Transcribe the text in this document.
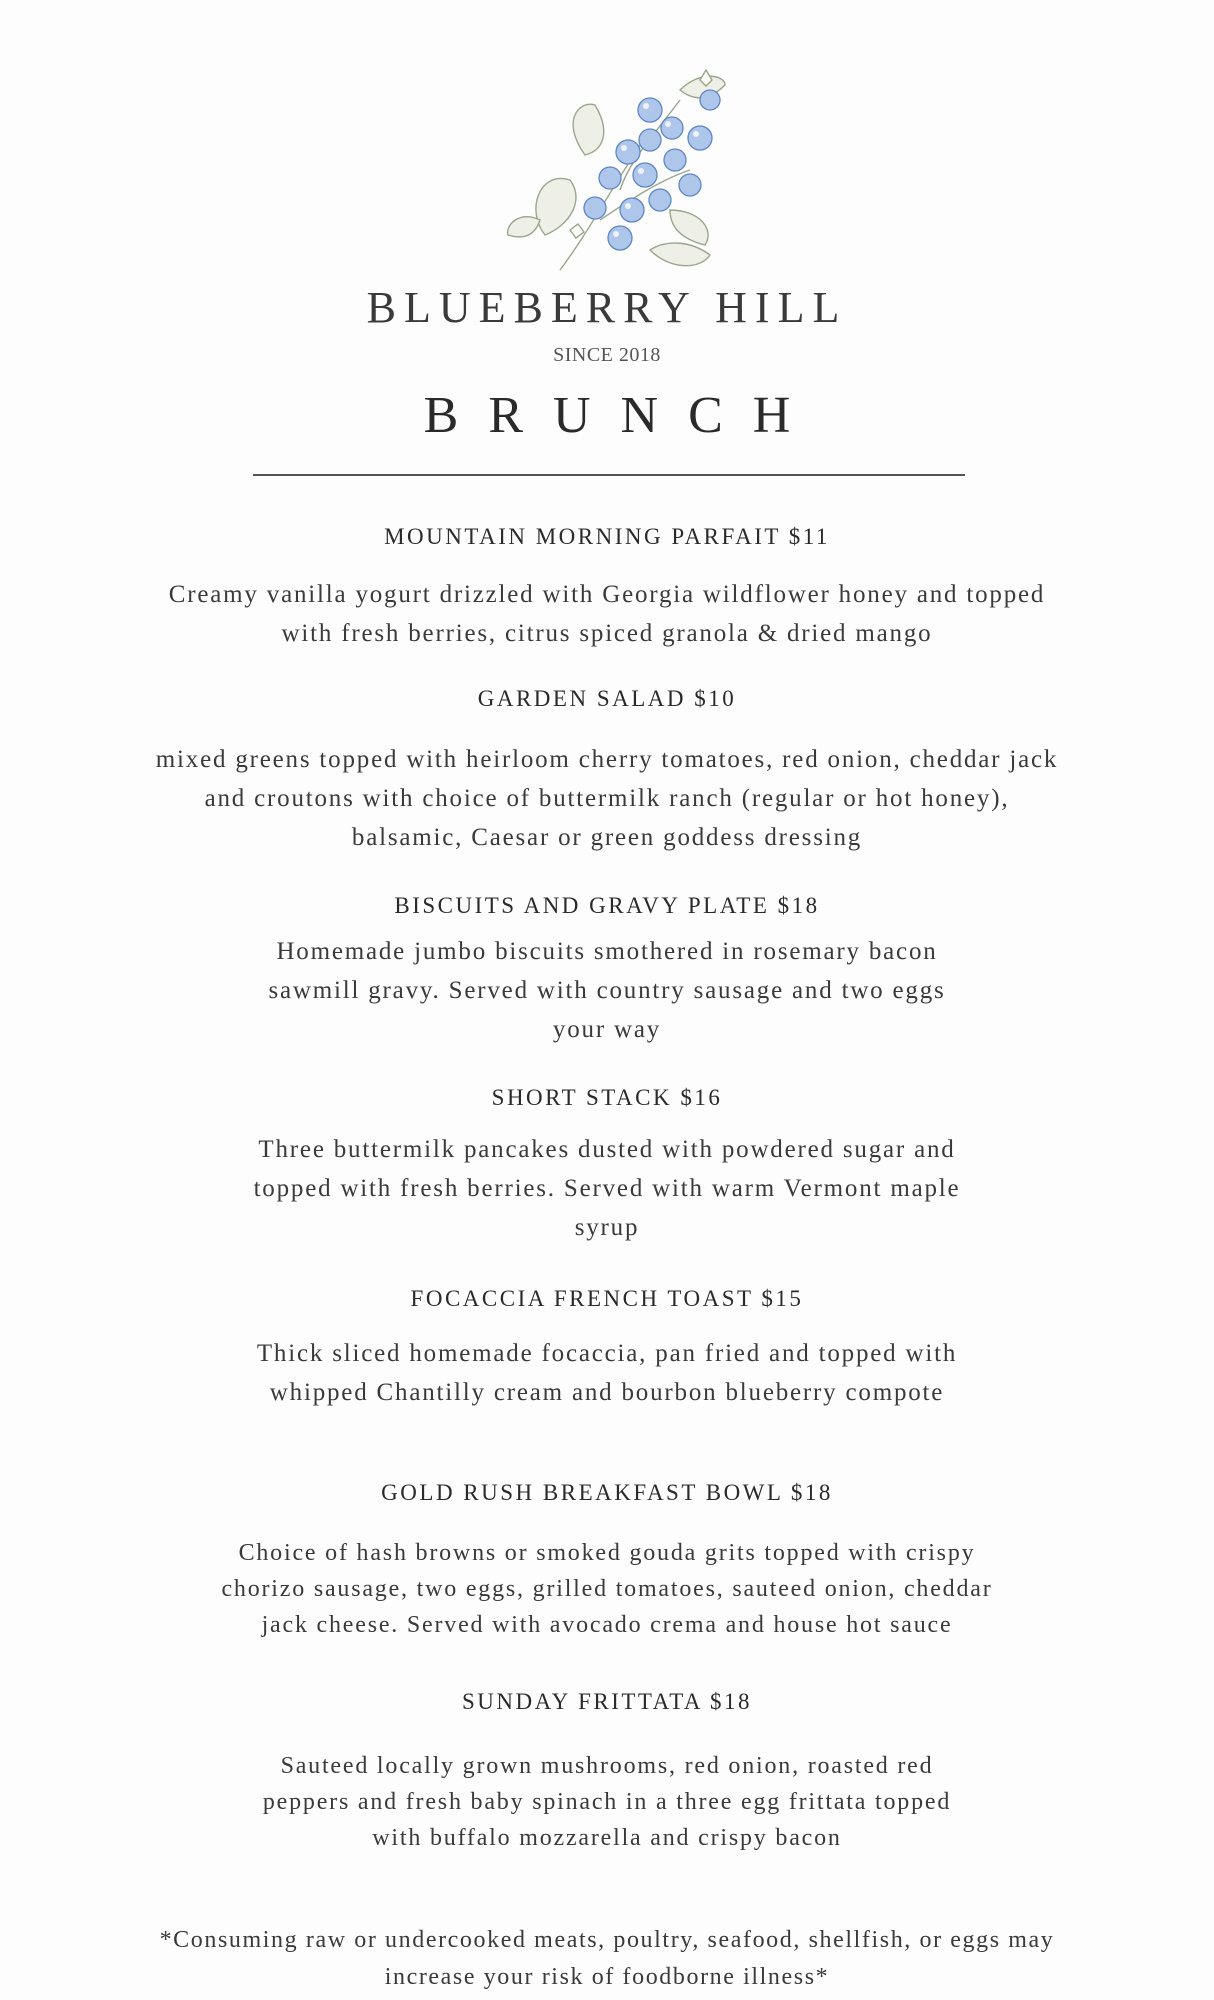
BLUEBERRY HILL
SINCE 2018
BRUNCH
MOUNTAIN MORNING PARFAIT $11
Creamy vanilla yogurt drizzled with Georgia wildflower honey and topped with fresh berries, citrus spiced granola & dried mango
GARDEN SALAD $10
mixed greens topped with heirloom cherry tomatoes, red onion, cheddar jack and croutons with choice of buttermilk ranch (regular or hot honey), balsamic, Caesar or green goddess dressing
BISCUITS AND GRAVY PLATE $18
Homemade jumbo biscuits smothered in rosemary bacon sawmill gravy. Served with country sausage and two eggs your way
SHORT STACK $16
Three buttermilk pancakes dusted with powdered sugar and topped with fresh berries. Served with warm Vermont maple syrup
FOCACCIA FRENCH TOAST $15
Thick sliced homemade focaccia, pan fried and topped with whipped Chantilly cream and bourbon blueberry compote
GOLD RUSH BREAKFAST BOWL $18
Choice of hash browns or smoked gouda grits topped with crispy chorizo sausage, two eggs, grilled tomatoes, sauteed onion, cheddar jack cheese. Served with avocado crema and house hot sauce
SUNDAY FRITTATA $18
Sauteed locally grown mushrooms, red onion, roasted red peppers and fresh baby spinach in a three egg frittata topped with buffalo mozzarella and crispy bacon
*Consuming raw or undercooked meats, poultry, seafood, shellfish, or eggs may increase your risk of foodborne illness*
